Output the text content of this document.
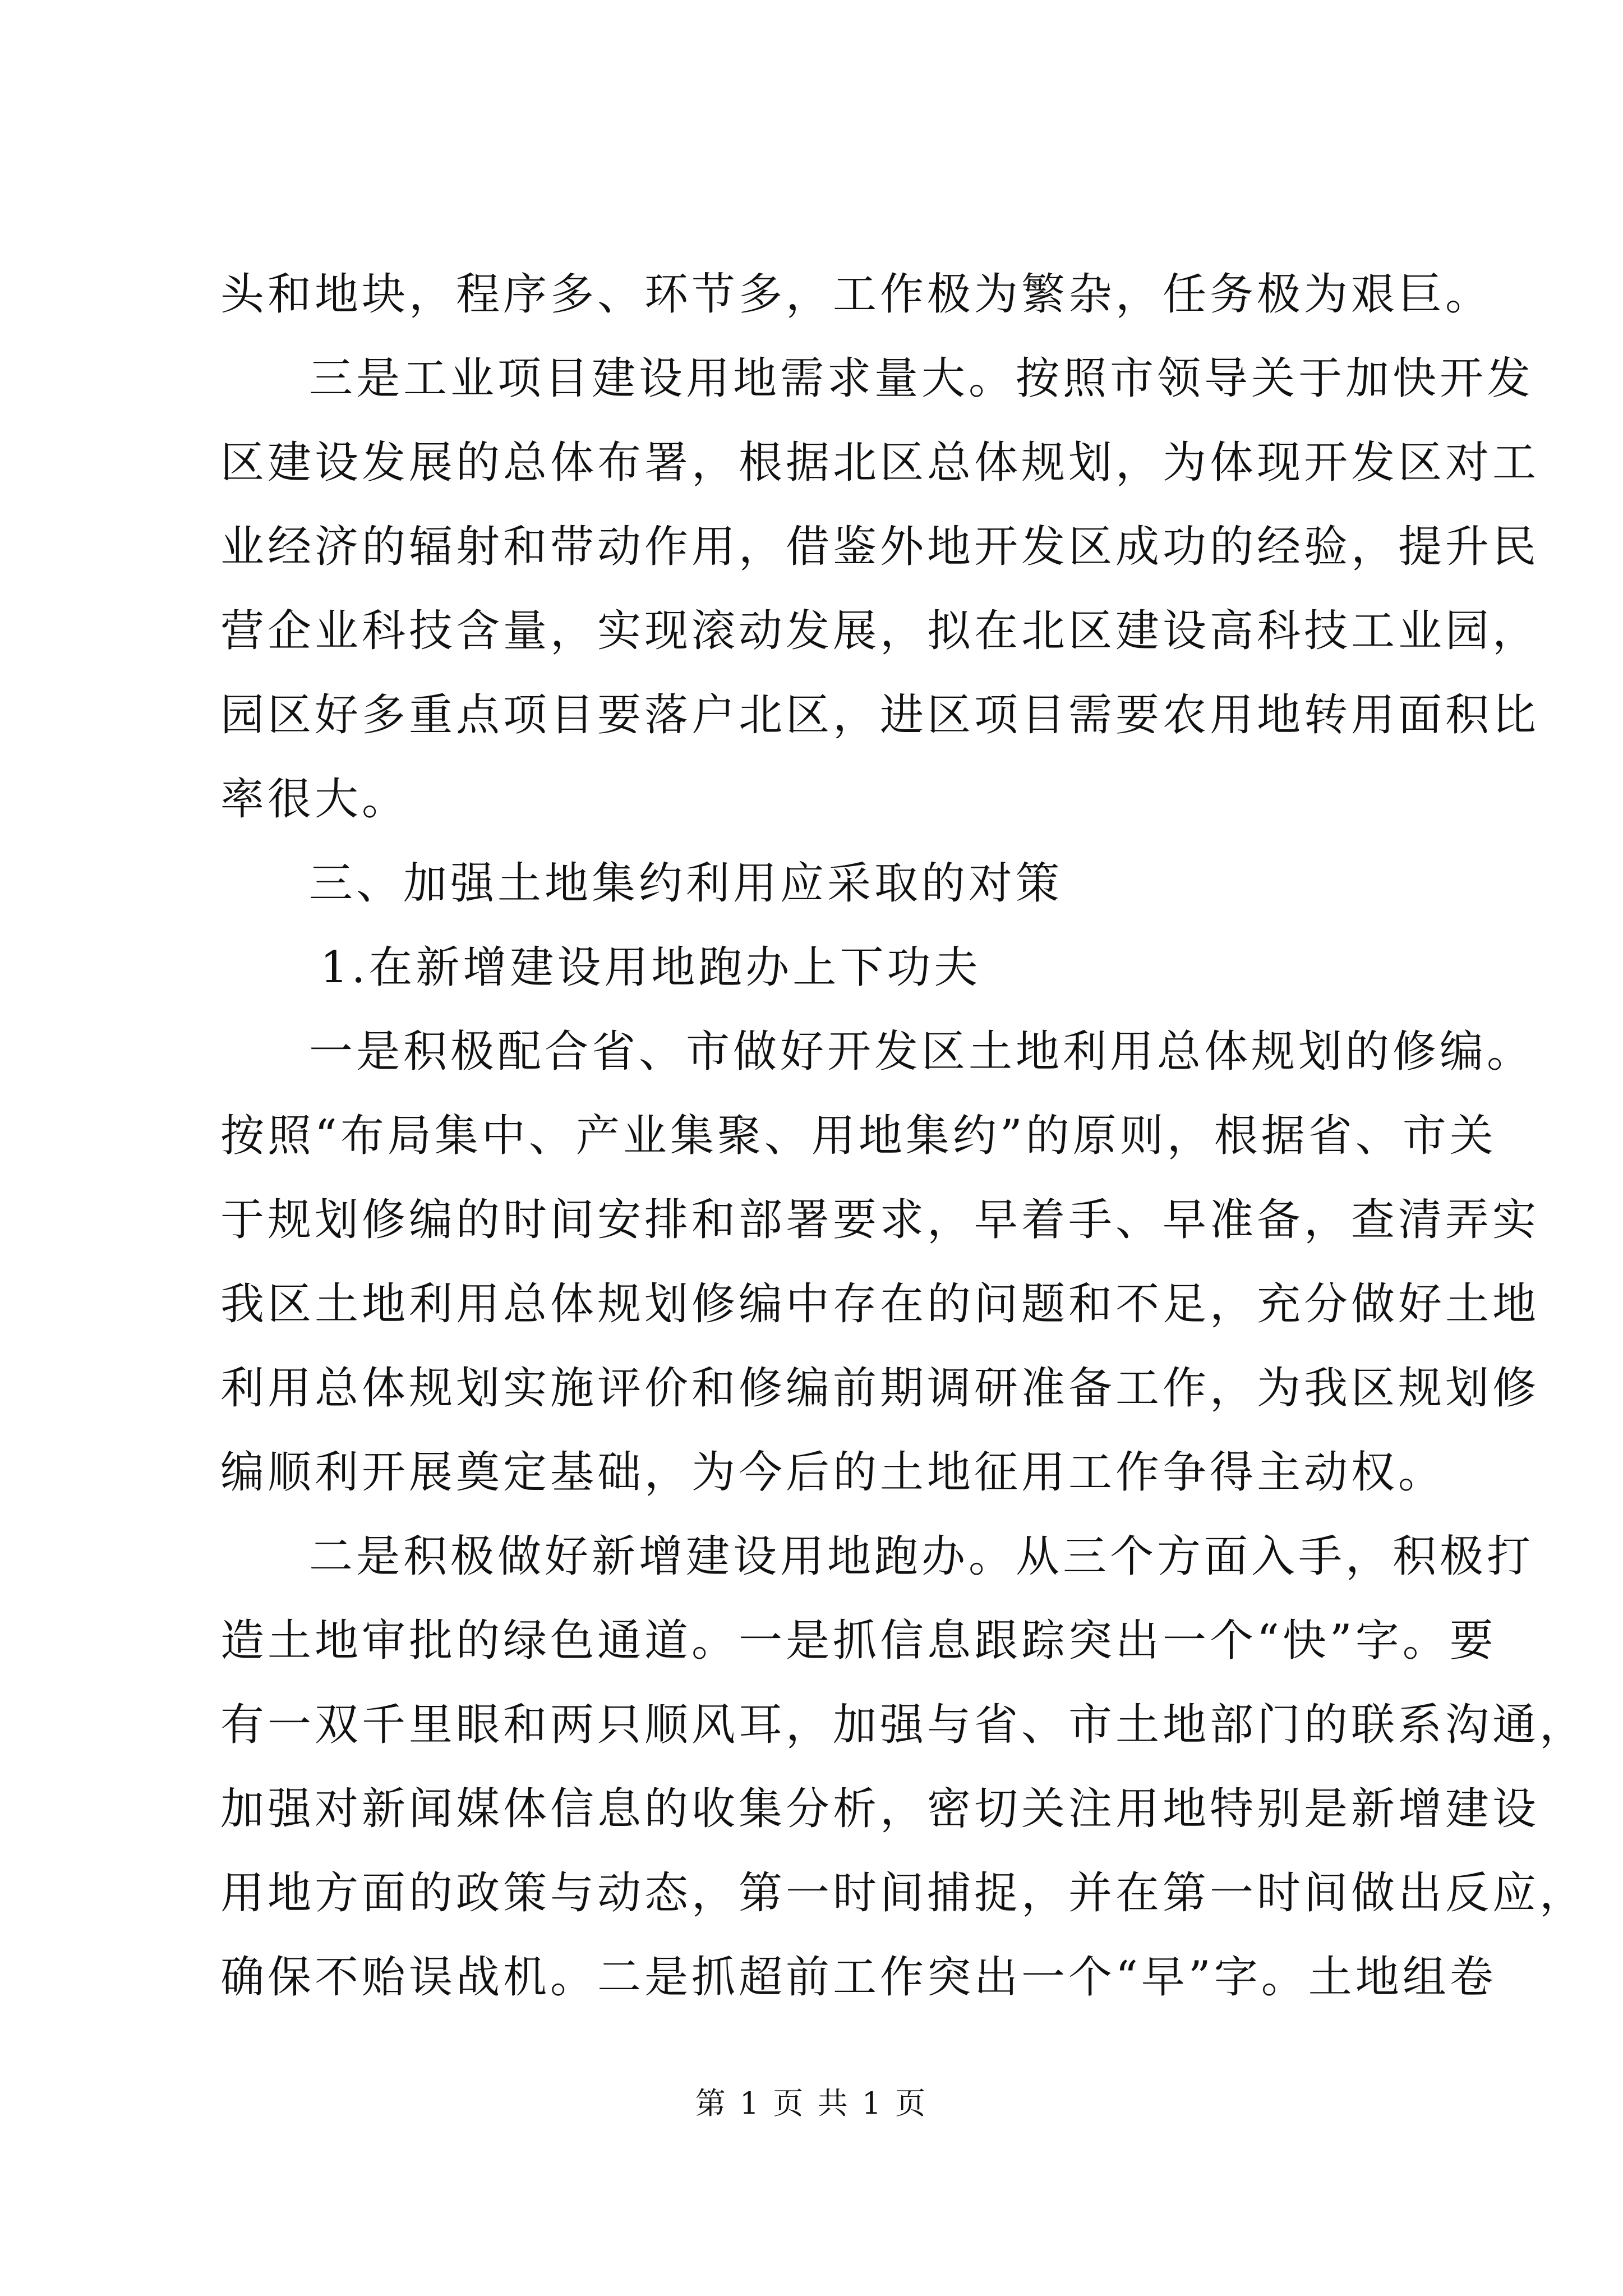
头和地块，程序多、环节多，工作极为繁杂，任务极为艰巨。
三是工业项目建设用地需求量大。按照市领导关于加快开发
区建设发展的总体布署，根据北区总体规划，为体现开发区对工
业经济的辐射和带动作用，借鉴外地开发区成功的经验，提升民
营企业科技含量，实现滚动发展，拟在北区建设高科技工业园，
园区好多重点项目要落户北区，进区项目需要农用地转用面积比
率很大。
三、加强土地集约利用应采取的对策
1.在新增建设用地跑办上下功夫
一是积极配合省、市做好开发区土地利用总体规划的修编。
按照“布局集中、产业集聚、用地集约”的原则，根据省、市关
于规划修编的时间安排和部署要求，早着手、早准备，查清弄实
我区土地利用总体规划修编中存在的问题和不足，充分做好土地
利用总体规划实施评价和修编前期调研准备工作，为我区规划修
编顺利开展奠定基础，为今后的土地征用工作争得主动权。
二是积极做好新增建设用地跑办。从三个方面入手，积极打
造土地审批的绿色通道。一是抓信息跟踪突出一个“快”字。要
有一双千里眼和两只顺风耳，加强与省、市土地部门的联系沟通，
加强对新闻媒体信息的收集分析，密切关注用地特别是新增建设
用地方面的政策与动态，第一时间捕捉，并在第一时间做出反应，
确保不贻误战机。二是抓超前工作突出一个“早”字。土地组卷
第 1 页 共 1 页
